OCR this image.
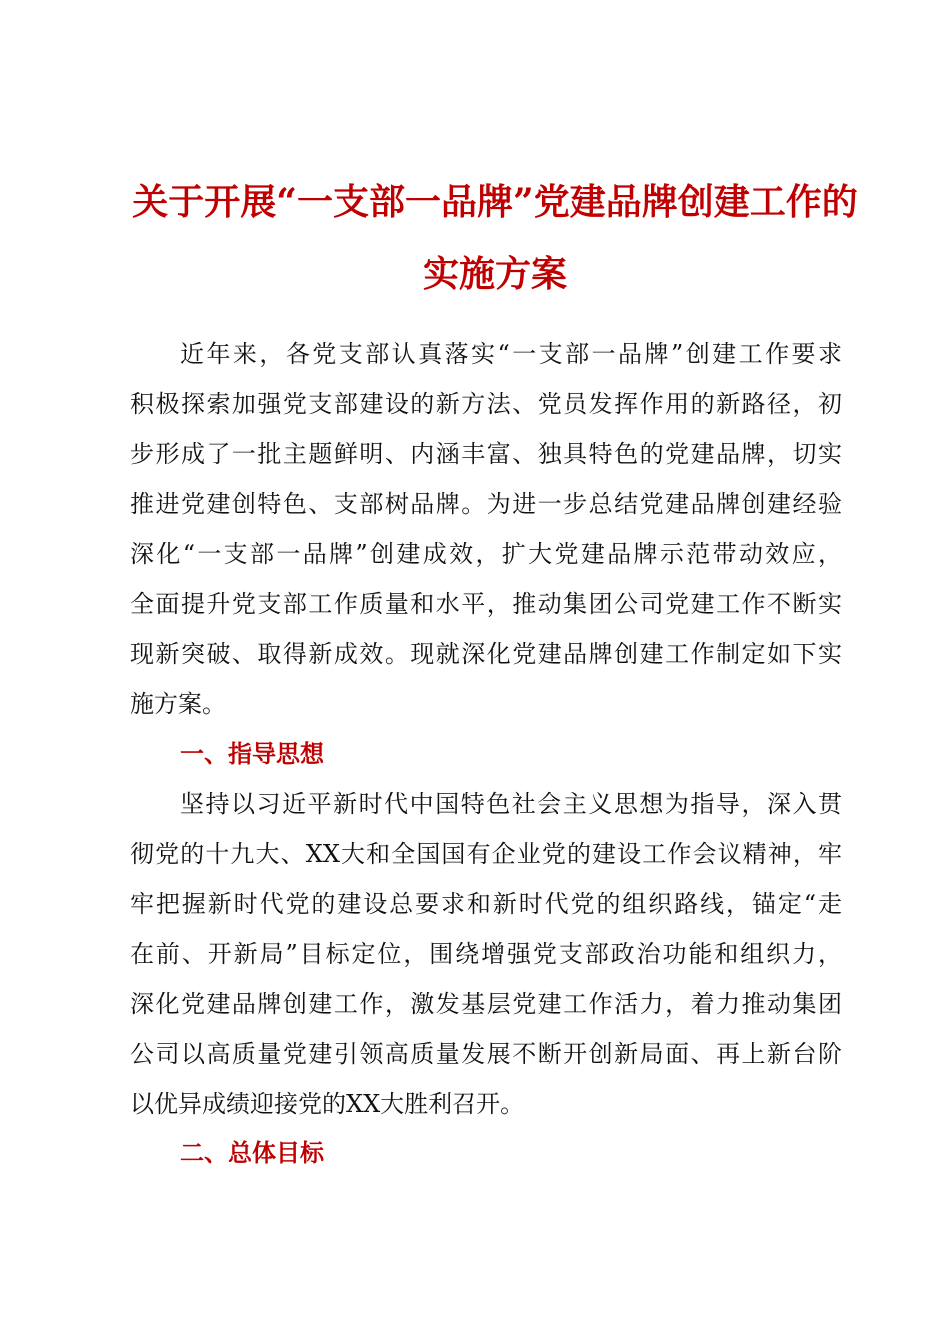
关于开展“一支部一品牌”党建品牌创建工作的
实施方案
近年来，各党支部认真落实“一支部一品牌”创建工作要求
积极探索加强党支部建设的新方法、党员发挥作用的新路径，初
步形成了一批主题鲜明、内涵丰富、独具特色的党建品牌，切实
推进党建创特色、支部树品牌。为进一步总结党建品牌创建经验
深化“一支部一品牌”创建成效，扩大党建品牌示范带动效应，
全面提升党支部工作质量和水平，推动集团公司党建工作不断实
现新突破、取得新成效。现就深化党建品牌创建工作制定如下实
施方案。
一、指导思想
坚持以习近平新时代中国特色社会主义思想为指导，深入贯
彻党的十九大、XX大和全国国有企业党的建设工作会议精神，牢
牢把握新时代党的建设总要求和新时代党的组织路线，锚定“走
在前、开新局”目标定位，围绕增强党支部政治功能和组织力，
深化党建品牌创建工作，激发基层党建工作活力，着力推动集团
公司以高质量党建引领高质量发展不断开创新局面、再上新台阶
以优异成绩迎接党的XX大胜利召开。
二、总体目标
